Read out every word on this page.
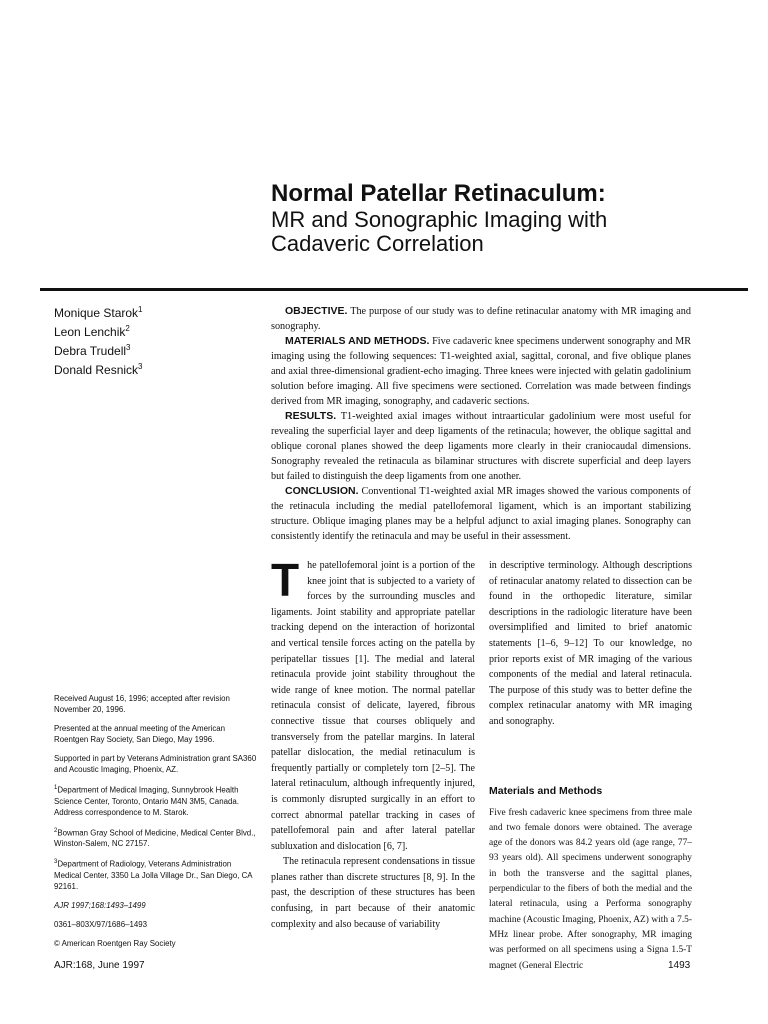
Normal Patellar Retinaculum:

MR and Sonographic Imaging with

Cadaveric Correlation

Monique Starok$^1$
Leon Lenchik$^2$
Debra Trudell$^3$
Donald Resnick$^3$

OBJECTIVE. The purpose of our study was to define retinacular anatomy with MR imaging and sonography.

MATERIALS AND METHODS. Five cadaveric knee specimens underwent sonography and MR imaging using the following sequences: T1-weighted axial, sagittal, coronal, and five oblique planes and axial three-dimensional gradient-echo imaging. Three knees were injected with gelatin gadolinium solution before imaging. All five specimens were sectioned. Correlation was made between findings derived from MR imaging, sonography, and cadaveric sections.

RESULTS. T1-weighted axial images without intraarticular gadolinium were most useful for revealing the superficial layer and deep ligaments of the retinacula; however, the oblique sagittal and oblique coronal planes showed the deep ligaments more clearly in their craniocaudal dimensions. Sonography revealed the retinacula as bilaminar structures with discrete superficial and deep layers but failed to distinguish the deep ligaments from one another.

CONCLUSION. Conventional T1-weighted axial MR images showed the various components of the retinacula including the medial patellofemoral ligament, which is an important stabilizing structure. Oblique imaging planes may be a helpful adjunct to axial imaging planes. Sonography can consistently identify the retinacula and may be useful in their assessment.

The patellofemoral joint is a portion of the knee joint that is subjected to a variety of forces by the surrounding muscles and ligaments. Joint stability and appropriate patellar tracking depend on the interaction of horizontal and vertical tensile forces acting on the patella by peripatellar tissues [1]. The medial and lateral retinacula provide joint stability throughout the wide range of knee motion. The normal patellar retinacula consist of delicate, layered, fibrous connective tissue that courses obliquely and transversely from the patellar margins. In lateral patellar dislocation, the medial retinaculum is frequently partially or completely torn [2–5]. The lateral retinaculum, although infrequently injured, is commonly disrupted surgically in an effort to correct abnormal patellar tracking in cases of patellofemoral pain and after lateral patellar subluxation and dislocation [6, 7].

The retinacula represent condensations in tissue planes rather than discrete structures [8, 9]. In the past, the description of these structures has been confusing, in part because of their anatomic complexity and also because of variability

in descriptive terminology. Although descriptions of retinacular anatomy related to dissection can be found in the orthopedic literature, similar descriptions in the radiologic literature have been oversimplified and limited to brief anatomic statements [1–6, 9–12] To our knowledge, no prior reports exist of MR imaging of the various components of the medial and lateral retinacula. The purpose of this study was to better define the complex retinacular anatomy with MR imaging and sonography.

Materials and Methods

Five fresh cadaveric knee specimens from three male and two female donors were obtained. The average age of the donors was 84.2 years old (age range, 77–93 years old). All specimens underwent sonography in both the transverse and the sagittal planes, perpendicular to the fibers of both the medial and the lateral retinacula, using a Performa sonography machine (Acoustic Imaging, Phoenix, AZ) with a 7.5-MHz linear probe. After sonography, MR imaging was performed on all specimens using a Signa 1.5-T magnet (General Electric

Received August 16, 1996; accepted after revision November 20, 1996.

Presented at the annual meeting of the American Roentgen Ray Society, San Diego, May 1996.

Supported in part by Veterans Administration grant SA360 and Acoustic Imaging, Phoenix, AZ.

$^1$Department of Medical Imaging, Sunnybrook Health Science Center, Toronto, Ontario M4N 3M5, Canada. Address correspondence to M. Starok.

$^2$Bowman Gray School of Medicine, Medical Center Blvd., Winston-Salem, NC 27157.

$^3$Department of Radiology, Veterans Administration Medical Center, 3350 La Jolla Village Dr., San Diego, CA 92161.

AJR 1997;168:1493–1499

0361–803X/97/1686–1493

© American Roentgen Ray Society

AJR:168, June 1997	1493
